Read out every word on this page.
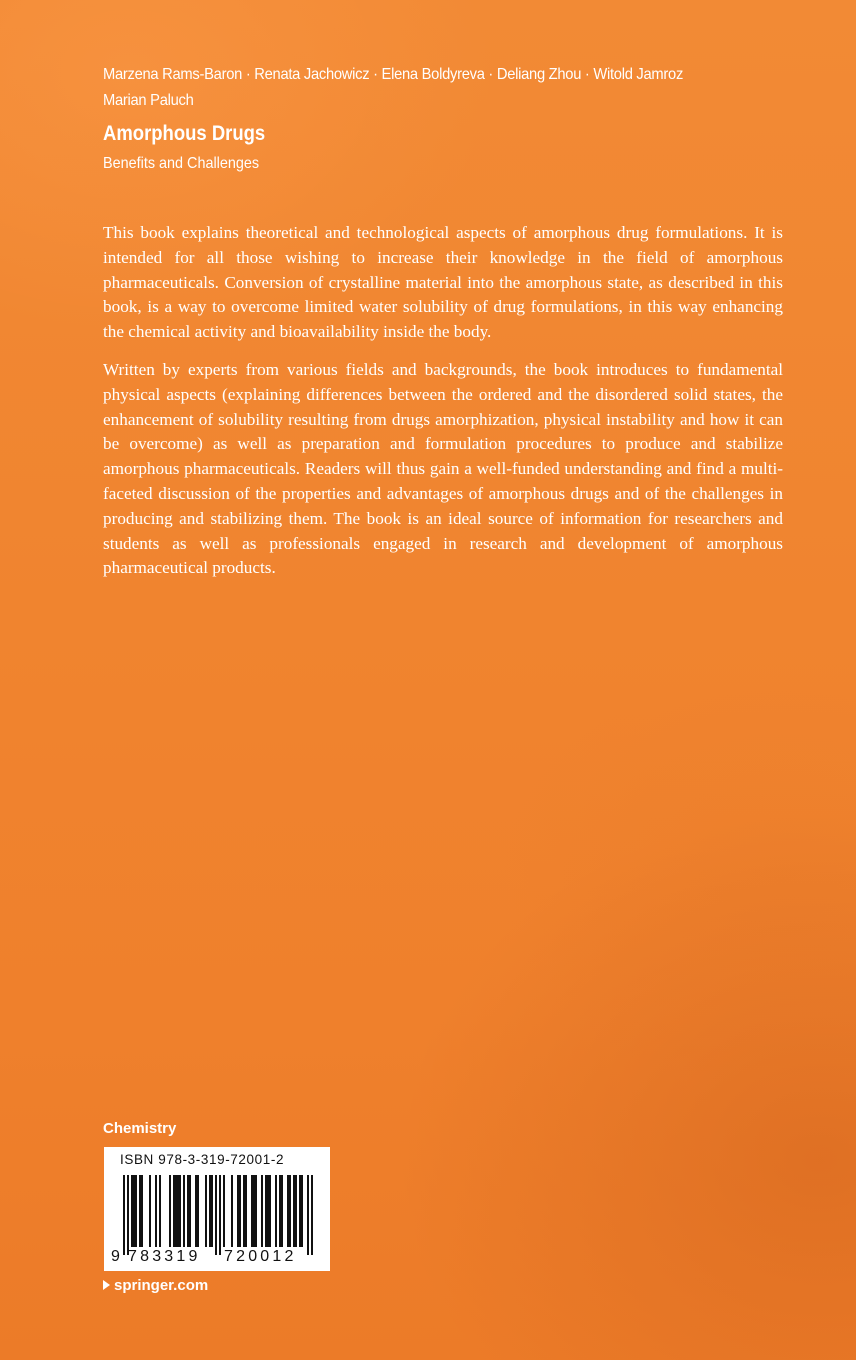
Marzena Rams-Baron · Renata Jachowicz · Elena Boldyreva · Deliang Zhou · Witold Jamroz
Marian Paluch
Amorphous Drugs
Benefits and Challenges

This book explains theoretical and technological aspects of amorphous drug formulations. It is intended for all those wishing to increase their knowledge in the field of amorphous pharmaceuticals. Conversion of crystalline material into the amorphous state, as described in this book, is a way to overcome limited water solubility of drug formulations, in this way enhancing the chemical activity and bioavailability inside the body.

Written by experts from various fields and backgrounds, the book introduces to fundamental physical aspects (explaining differences between the ordered and the disordered solid states, the enhancement of solubility resulting from drugs amorphization, physical instability and how it can be overcome) as well as preparation and formulation procedures to produce and stabilize amorphous pharmaceuticals. Readers will thus gain a well-funded understanding and find a multi-faceted discussion of the properties and advantages of amorphous drugs and of the challenges in producing and stabilizing them. The book is an ideal source of information for researchers and students as well as professionals engaged in research and development of amorphous pharmaceutical products.

Chemistry
ISBN 978-3-319-72001-2
9 783319 720012
springer.com
